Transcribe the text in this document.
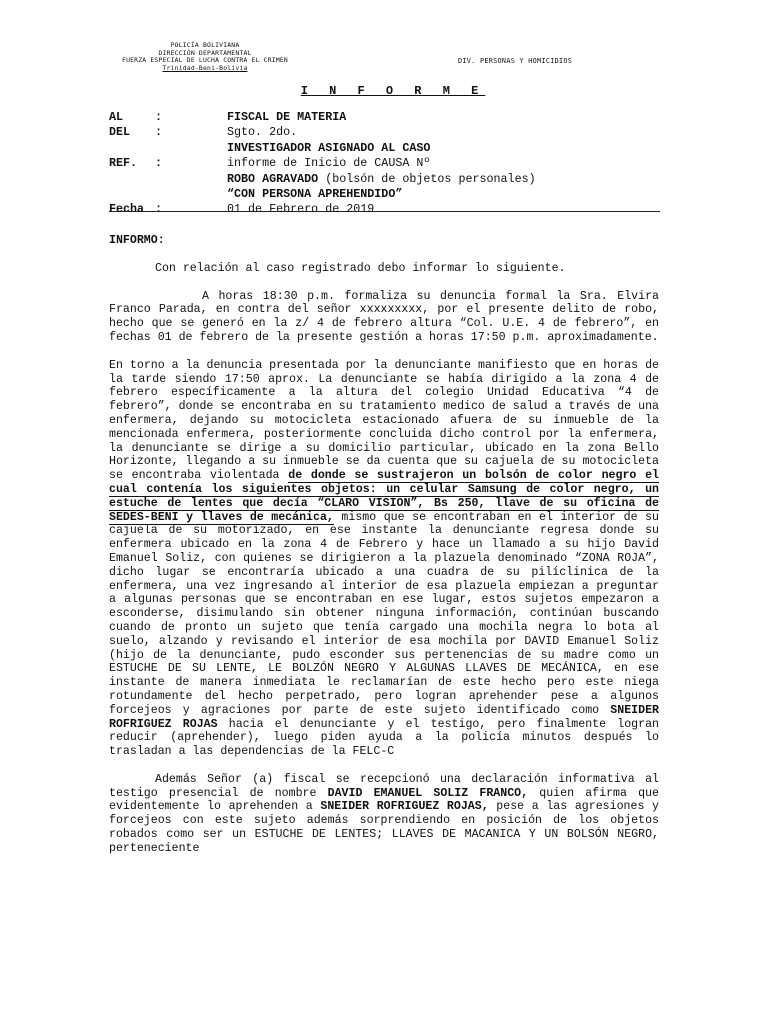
POLICÍA BOLIVIANA
DIRECCIÓN DEPARTAMENTAL
FUERZA ESPECIAL DE LUCHA CONTRA EL CRIMEN
Trinidad-Beni-Bolivia
DIV. PERSONAS Y HOMICIDIOS
I N F O R M E
AL	:	FISCAL DE MATERIA
DEL :	Sgto. 2do.
INVESTIGADOR ASIGNADO AL CASO
REF. :	informe de Inicio de CAUSA Nº
ROBO AGRAVADO (bolsón de objetos personales)
“CON PERSONA APREHENDIDO”
Fecha :	01 de Febrero de 2019

INFORMO:

Con relación al caso registrado debo informar lo siguiente.

A horas 18:30 p.m. formaliza su denuncia formal la Sra. Elvira Franco Parada, en contra del señor xxxxxxxxx, por el presente delito de robo, hecho que se generó en la z/ 4 de febrero altura “Col. U.E. 4 de febrero”, en fechas 01 de febrero de la presente gestión a horas 17:50 p.m. aproximadamente.

En torno a la denuncia presentada por la denunciante manifiesto que en horas de la tarde siendo 17:50 aprox. La denunciante se había dirigido a la zona 4 de febrero específicamente a la altura del colegio Unidad Educativa “4 de febrero”, donde se encontraba en su tratamiento medico de salud a través de una enfermera, dejando su motocicleta estacionado afuera de su inmueble de la mencionada enfermera, posteriormente concluida dicho control por la enfermera, la denunciante se dirige a su domicilio particular, ubicado en la zona Bello Horizonte, llegando a su inmueble se da cuenta que su cajuela de su motocicleta se encontraba violentada de donde se sustrajeron un bolsón de color negro el cual contenía los siguientes objetos: un celular Samsung de color negro, un estuche de lentes que decía “CLARO VISION”, Bs 250, llave de su oficina de SEDES-BENI y llaves de mecánica, mismo que se encontraban en el interior de su cajuela de su motorizado, en ese instante la denunciante regresa donde su enfermera ubicado en la zona 4 de Febrero y hace un llamado a su hijo David Emanuel Soliz, con quienes se dirigieron a la plazuela denominado “ZONA ROJA”, dicho lugar se encontraría ubicado a una cuadra de su pilíclinica de la enfermera, una vez ingresando al interior de esa plazuela empiezan a preguntar a algunas personas que se encontraban en ese lugar, estos sujetos empezaron a esconderse, disimulando sin obtener ninguna información, continúan buscando cuando de pronto un sujeto que tenía cargado una mochila negra lo bota al suelo, alzando y revisando el interior de esa mochila por DAVID Emanuel Soliz (hijo de la denunciante, pudo esconder sus pertenencias de su madre como un ESTUCHE DE SU LENTE, LE BOLZÓN NEGRO Y ALGUNAS LLAVES DE MECÁNICA, en ese instante de manera inmediata le reclamarían de este hecho pero este niega rotundamente del hecho perpetrado, pero logran aprehender pese a algunos forcejeos y agraciones por parte de este sujeto identificado como SNEIDER ROFRIGUEZ ROJAS hacia el denunciante y el testigo, pero finalmente logran reducir (aprehender), luego piden ayuda a la policía minutos después lo trasladan a las dependencias de la FELC-C

Además Señor (a) fiscal se recepcionó una declaración informativa al testigo presencial de nombre DAVID EMANUEL SOLIZ FRANCO, quien afirma que evidentemente lo aprehenden a SNEIDER ROFRIGUEZ ROJAS, pese a las agresiones y forcejeos con este sujeto además sorprendiendo en posición de los objetos robados como ser un ESTUCHE DE LENTES; LLAVES DE MACANICA Y UN BOLSÓN NEGRO, perteneciente
